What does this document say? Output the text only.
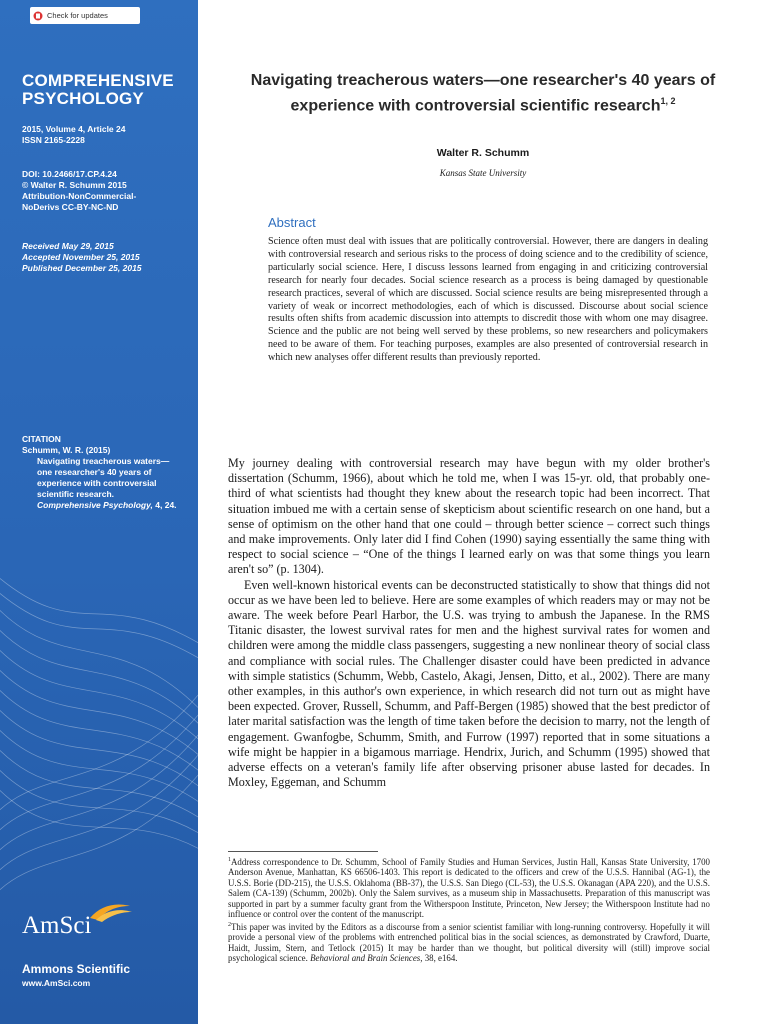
Check for updates
COMPREHENSIVE
PSYCHOLOGY
2015, Volume 4, Article 24
ISSN 2165-2228
DOI: 10.2466/17.CP.4.24
© Walter R. Schumm 2015
Attribution-NonCommercial-
NoDerivs CC-BY-NC-ND
Received May 29, 2015
Accepted November 25, 2015
Published December 25, 2015
CITATION
Schumm, W. R. (2015)
Navigating treacherous waters—one researcher's 40 years of experience with controversial scientific research. Comprehensive Psychology, 4, 24.
AmSci
Ammons Scientific
www.AmSci.com
Navigating treacherous waters—one researcher's 40 years of
experience with controversial scientific research$^{1, 2}$
Walter R. Schumm
Kansas State University
Abstract
Science often must deal with issues that are politically controversial. However, there are dangers in dealing with controversial research and serious risks to the process of doing science and to the credibility of science, particularly social science. Here, I discuss lessons learned from engaging in and criticizing controversial research for nearly four decades. Social science research as a process is being damaged by questionable research practices, several of which are discussed. Social science results are being misrepresented through a variety of weak or incorrect methodologies, each of which is discussed. Discourse about social science results often shifts from academic discussion into attempts to discredit those with whom one may disagree. Science and the public are not being well served by these problems, so new researchers and policymakers need to be aware of them. For teaching purposes, examples are also presented of controversial research in which new analyses offer different results than previously reported.

My journey dealing with controversial research may have begun with my older brother's dissertation (Schumm, 1966), about which he told me, when I was 15-yr. old, that probably one-third of what scientists had thought they knew about the research topic had been incorrect. That situation imbued me with a certain sense of skepticism about scientific research on one hand, but a sense of optimism on the other hand that one could – through better science – correct such things and make improvements. Only later did I find Cohen (1990) saying essentially the same thing with respect to social science – “One of the things I learned early on was that some things you learn aren't so” (p. 1304).

Even well-known historical events can be deconstructed statistically to show that things did not occur as we have been led to believe. Here are some examples of which readers may or may not be aware. The week before Pearl Harbor, the U.S. was trying to ambush the Japanese. In the RMS Titanic disaster, the lowest survival rates for men and the highest survival rates for women and children were among the middle class passengers, suggesting a new nonlinear theory of social class and compliance with social rules. The Challenger disaster could have been predicted in advance with simple statistics (Schumm, Webb, Castelo, Akagi, Jensen, Ditto, et al., 2002). There are many other examples, in this author's own experience, in which research did not turn out as might have been expected. Grover, Russell, Schumm, and Paff-Bergen (1985) showed that the best predictor of later marital satisfaction was the length of time taken before the decision to marry, not the length of engagement. Gwanfogbe, Schumm, Smith, and Furrow (1997) reported that in some situations a wife might be happier in a bigamous marriage. Hendrix, Jurich, and Schumm (1995) showed that adverse effects on a veteran's family life after observing prisoner abuse lasted for decades. In Moxley, Eggeman, and Schumm

$^1$Address correspondence to Dr. Schumm, School of Family Studies and Human Services, Justin Hall, Kansas State University, 1700 Anderson Avenue, Manhattan, KS 66506-1403. This report is dedicated to the officers and crew of the U.S.S. Hannibal (AG-1), the U.S.S. Borie (DD-215), the U.S.S. Oklahoma (BB-37), the U.S.S. San Diego (CL-53), the U.S.S. Okanagan (APA 220), and the U.S.S. Salem (CA-139) (Schumm, 2002b). Only the Salem survives, as a museum ship in Massachusetts. Preparation of this manuscript was supported in part by a summer faculty grant from the Witherspoon Institute, Princeton, New Jersey; the Witherspoon Institute had no influence or control over the content of the manuscript.

$^2$This paper was invited by the Editors as a discourse from a senior scientist familiar with long-running controversy. Hopefully it will provide a personal view of the problems with entrenched political bias in the social sciences, as demonstrated by Crawford, Duarte, Haidt, Jussim, Stern, and Tetlock (2015) It may be harder than we thought, but political diversity will (still) improve social psychological science. Behavioral and Brain Sciences, 38, e164.
